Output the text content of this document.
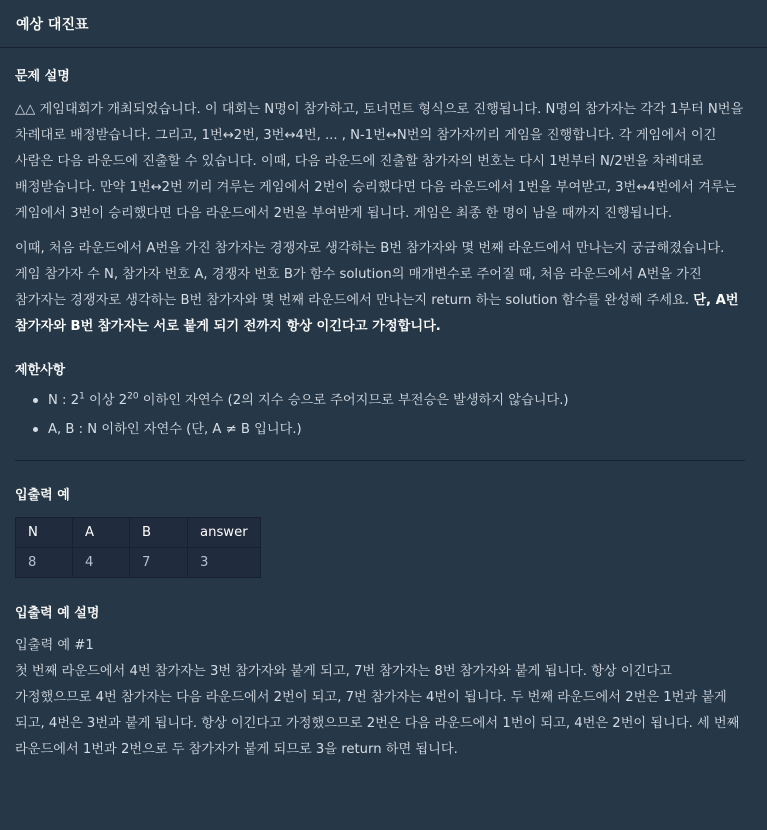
예상 대진표
문제 설명

△△ 게임대회가 개최되었습니다. 이 대회는 N명이 참가하고, 토너먼트 형식으로 진행됩니다. N명의 참가자는 각각 1부터 N번을 차례대로 배정받습니다. 그리고, 1번↔2번, 3번↔4번, ... , N-1번↔N번의 참가자끼리 게임을 진행합니다. 각 게임에서 이긴 사람은 다음 라운드에 진출할 수 있습니다. 이때, 다음 라운드에 진출할 참가자의 번호는 다시 1번부터 N/2번을 차례대로 배정받습니다. 만약 1번↔2번 끼리 겨루는 게임에서 2번이 승리했다면 다음 라운드에서 1번을 부여받고, 3번↔4번에서 겨루는 게임에서 3번이 승리했다면 다음 라운드에서 2번을 부여받게 됩니다. 게임은 최종 한 명이 남을 때까지 진행됩니다.

이때, 처음 라운드에서 A번을 가진 참가자는 경쟁자로 생각하는 B번 참가자와 몇 번째 라운드에서 만나는지 궁금해졌습니다. 게임 참가자 수 N, 참가자 번호 A, 경쟁자 번호 B가 함수 solution의 매개변수로 주어질 때, 처음 라운드에서 A번을 가진 참가자는 경쟁자로 생각하는 B번 참가자와 몇 번째 라운드에서 만나는지 return 하는 solution 함수를 완성해 주세요. 단, A번 참가자와 B번 참가자는 서로 붙게 되기 전까지 항상 이긴다고 가정합니다.

제한사항
N : $2^1$ 이상 $2^{20}$ 이하인 자연수 (2의 지수 승으로 주어지므로 부전승은 발생하지 않습니다.)
A, B : N 이하인 자연수 (단, A ≠ B 입니다.)
입출력 예
N	A	B	answer
8	4	7	3
입출력 예 설명

입출력 예 #1

첫 번째 라운드에서 4번 참가자는 3번 참가자와 붙게 되고, 7번 참가자는 8번 참가자와 붙게 됩니다. 항상 이긴다고 가정했으므로 4번 참가자는 다음 라운드에서 2번이 되고, 7번 참가자는 4번이 됩니다. 두 번째 라운드에서 2번은 1번과 붙게 되고, 4번은 3번과 붙게 됩니다. 항상 이긴다고 가정했으므로 2번은 다음 라운드에서 1번이 되고, 4번은 2번이 됩니다. 세 번째 라운드에서 1번과 2번으로 두 참가자가 붙게 되므로 3을 return 하면 됩니다.
